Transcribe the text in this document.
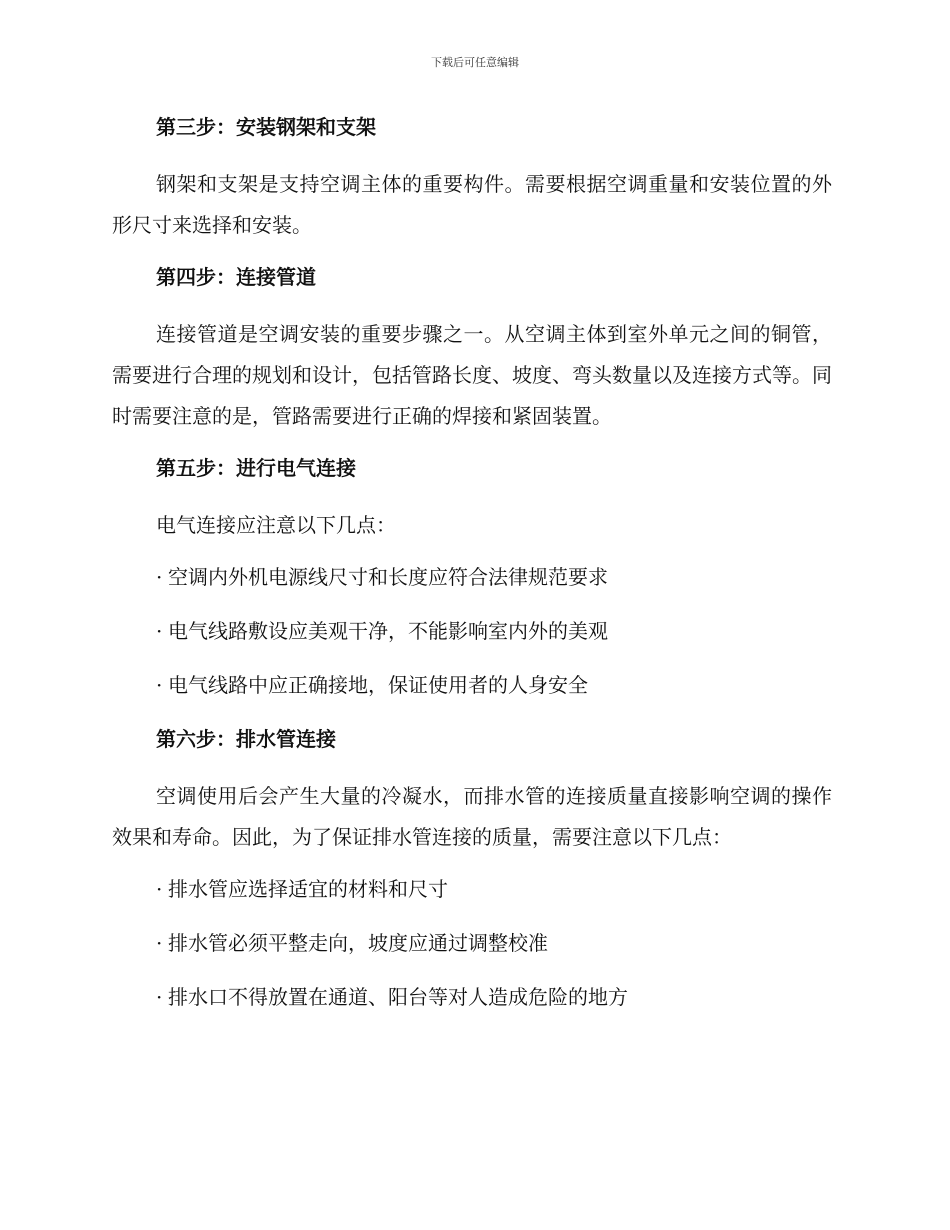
下载后可任意编辑
第三步：安装钢架和支架
钢架和支架是支持空调主体的重要构件。需要根据空调重量和安装位置的外形尺寸来选择和安装。
第四步：连接管道
连接管道是空调安装的重要步骤之一。从空调主体到室外单元之间的铜管，需要进行合理的规划和设计，包括管路长度、坡度、弯头数量以及连接方式等。同时需要注意的是，管路需要进行正确的焊接和紧固装置。
第五步：进行电气连接
电气连接应注意以下几点：
· 空调内外机电源线尺寸和长度应符合法律规范要求
· 电气线路敷设应美观干净，不能影响室内外的美观
· 电气线路中应正确接地，保证使用者的人身安全
第六步：排水管连接
空调使用后会产生大量的冷凝水，而排水管的连接质量直接影响空调的操作效果和寿命。因此，为了保证排水管连接的质量，需要注意以下几点：
· 排水管应选择适宜的材料和尺寸
· 排水管必须平整走向，坡度应通过调整校准
· 排水口不得放置在通道、阳台等对人造成危险的地方
